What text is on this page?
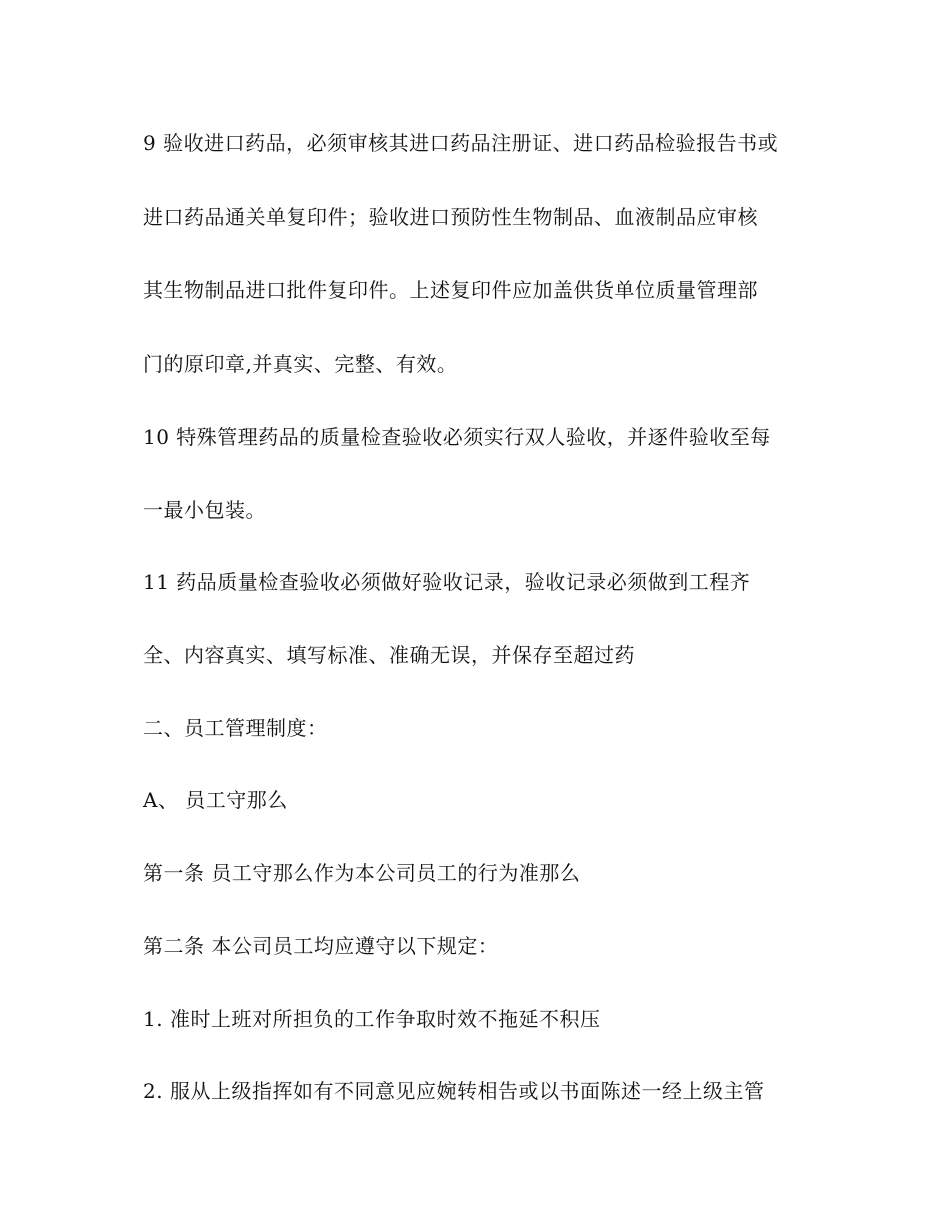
9 验收进口药品，必须审核其进口药品注册证、进口药品检验报告书或

进口药品通关单复印件；验收进口预防性生物制品、血液制品应审核

其生物制品进口批件复印件。上述复印件应加盖供货单位质量管理部

门的原印章,并真实、完整、有效。

10 特殊管理药品的质量检查验收必须实行双人验收，并逐件验收至每

一最小包装。

11 药品质量检查验收必须做好验收记录，验收记录必须做到工程齐

全、内容真实、填写标准、准确无误，并保存至超过药

二、员工管理制度：

A、 员工守那么

第一条 员工守那么作为本公司员工的行为准那么

第二条 本公司员工均应遵守以下规定：

1. 准时上班对所担负的工作争取时效不拖延不积压

2. 服从上级指挥如有不同意见应婉转相告或以书面陈述一经上级主管
